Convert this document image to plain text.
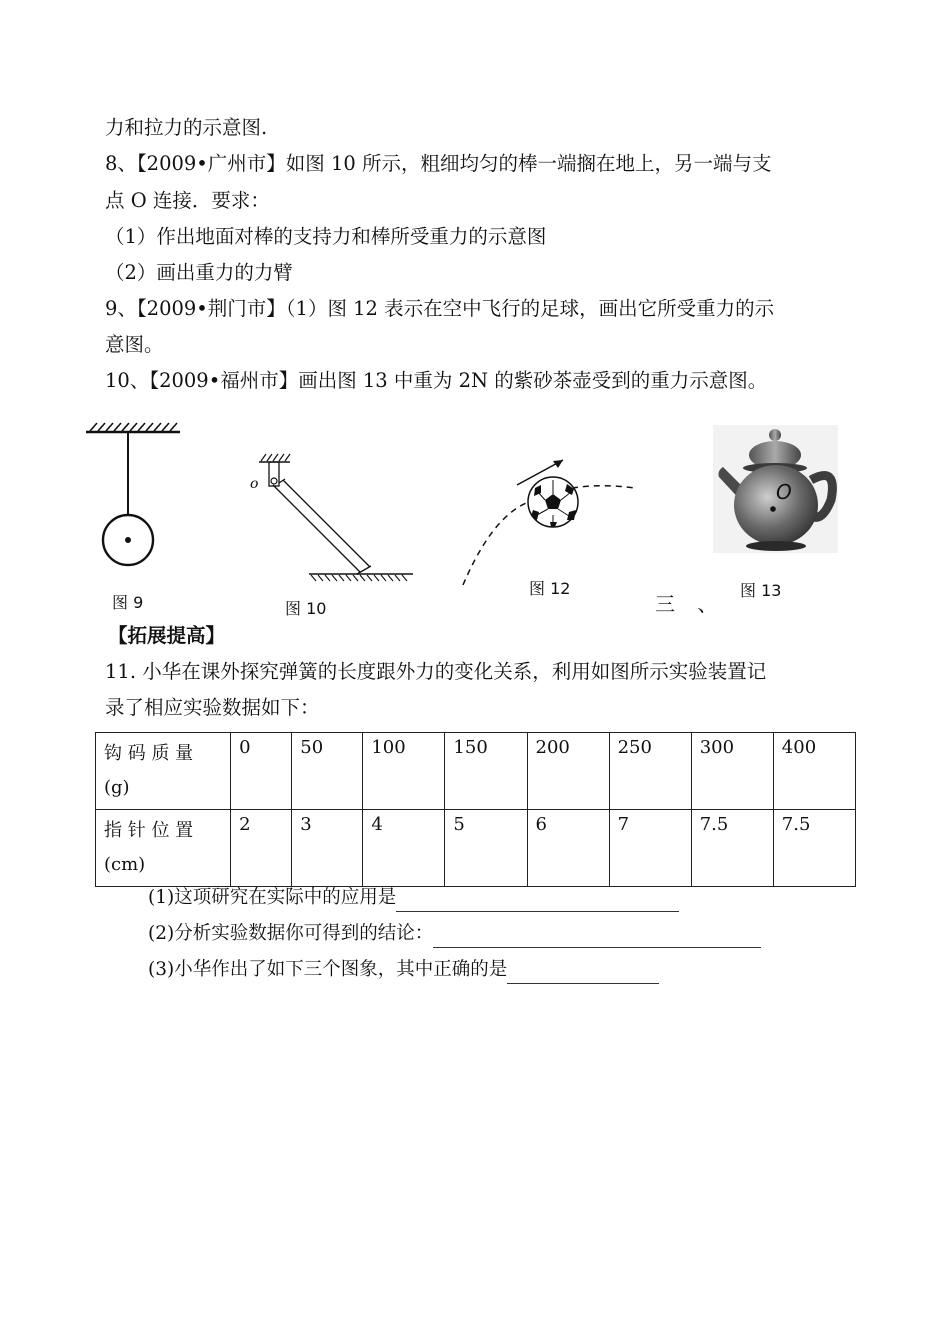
力和拉力的示意图.
8、【2009•广州市】如图 10 所示，粗细均匀的棒一端搁在地上，另一端与支
点 O 连接．要求：
（1）作出地面对棒的支持力和棒所受重力的示意图
（2）画出重力的力臂
9、【2009•荆门市】（1）图 12 表示在空中飞行的足球，画出它所受重力的示
意图。
10、【2009•福州市】画出图 13 中重为 2N 的紫砂茶壶受到的重力示意图。
图 9
o
图 10
图 12
三 、
O
图 13
【拓展提高】
11. 小华在课外探究弹簧的长度跟外力的变化关系，利用如图所示实验装置记
录了相应实验数据如下：
钩 码 质 量
(g)	0	50	100	150	200	250	300	400

指 针 位 置
(cm)	2	3	4	5	6	7	7.5	7.5
(1)这项研究在实际中的应用是
(2)分析实验数据你可得到的结论：
(3)小华作出了如下三个图象，其中正确的是
